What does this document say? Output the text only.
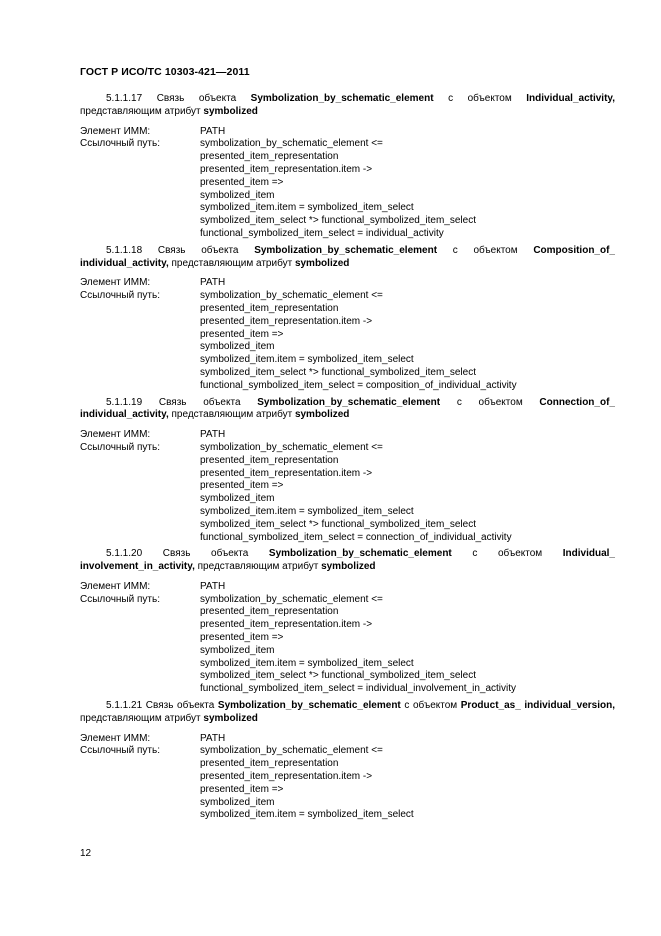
ГОСТ Р ИСО/ТС 10303-421—2011

5.1.1.17 Связь объекта Symbolization_by_schematic_element с объектом Individual_activity, представляющим атрибут symbolized

Элемент ИММ:	PATH
Ссылочный путь:	symbolization_by_schematic_element <=
presented_item_representation
presented_item_representation.item ->
presented_item =>
symbolized_item
symbolized_item.item = symbolized_item_select
symbolized_item_select *> functional_symbolized_item_select
functional_symbolized_item_select = individual_activity

5.1.1.18 Связь объекта Symbolization_by_schematic_element с объектом Composition_of_ individual_activity, представляющим атрибут symbolized

Элемент ИММ:	PATH
Ссылочный путь:	symbolization_by_schematic_element <=
presented_item_representation
presented_item_representation.item ->
presented_item =>
symbolized_item
symbolized_item.item = symbolized_item_select
symbolized_item_select *> functional_symbolized_item_select
functional_symbolized_item_select = composition_of_individual_activity

5.1.1.19 Связь объекта Symbolization_by_schematic_element с объектом Connection_of_ individual_activity, представляющим атрибут symbolized

Элемент ИММ:	PATH
Ссылочный путь:	symbolization_by_schematic_element <=
presented_item_representation
presented_item_representation.item ->
presented_item =>
symbolized_item
symbolized_item.item = symbolized_item_select
symbolized_item_select *> functional_symbolized_item_select
functional_symbolized_item_select = connection_of_individual_activity

5.1.1.20 Связь объекта Symbolization_by_schematic_element с объектом Individual_ involvement_in_activity, представляющим атрибут symbolized

Элемент ИММ:	PATH
Ссылочный путь:	symbolization_by_schematic_element <=
presented_item_representation
presented_item_representation.item ->
presented_item =>
symbolized_item
symbolized_item.item = symbolized_item_select
symbolized_item_select *> functional_symbolized_item_select
functional_symbolized_item_select = individual_involvement_in_activity

5.1.1.21 Связь объекта Symbolization_by_schematic_element с объектом Product_as_ individual_version, представляющим атрибут symbolized

Элемент ИММ:	PATH
Ссылочный путь:	symbolization_by_schematic_element <=
presented_item_representation
presented_item_representation.item ->
presented_item =>
symbolized_item
symbolized_item.item = symbolized_item_select
12
